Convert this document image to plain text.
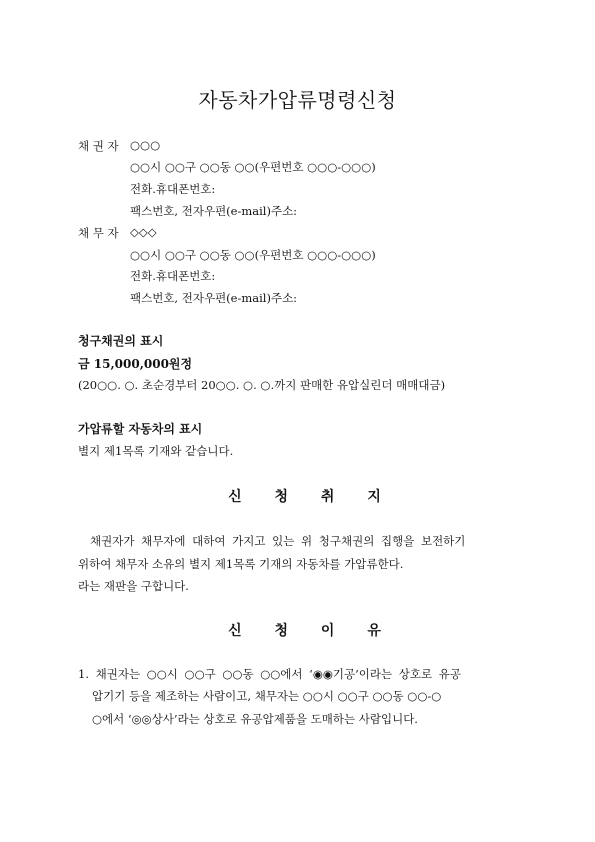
자동차가압류명령신청
채 권 자 ○○○
○○시 ○○구 ○○동 ○○(우편번호 ○○○-○○○)
전화.휴대폰번호:
팩스번호, 전자우편(e-mail)주소:
채 무 자 ◇◇◇
○○시 ○○구 ○○동 ○○(우편번호 ○○○-○○○)
전화.휴대폰번호:
팩스번호, 전자우편(e-mail)주소:
청구채권의 표시
금 15,000,000원정
(20○○. ○. 초순경부터 20○○. ○. ○.까지 판매한 유압실린더 매매대금)
가압류할 자동차의 표시
별지 제1목록 기재와 같습니다.
신 청 취 지
채권자가 채무자에 대하여 가지고 있는 위 청구채권의 집행을 보전하기
위하여 채무자 소유의 별지 제1목록 기재의 자동차를 가압류한다.
라는 재판을 구합니다.
신 청 이 유
1. 채권자는 ○○시 ○○구 ○○동 ○○에서 ‘◉◉기공’이라는 상호로 유공
압기기 등을 제조하는 사람이고, 채무자는 ○○시 ○○구 ○○동 ○○-○
○에서 ‘◎◎상사’라는 상호로 유공압제품을 도매하는 사람입니다.
